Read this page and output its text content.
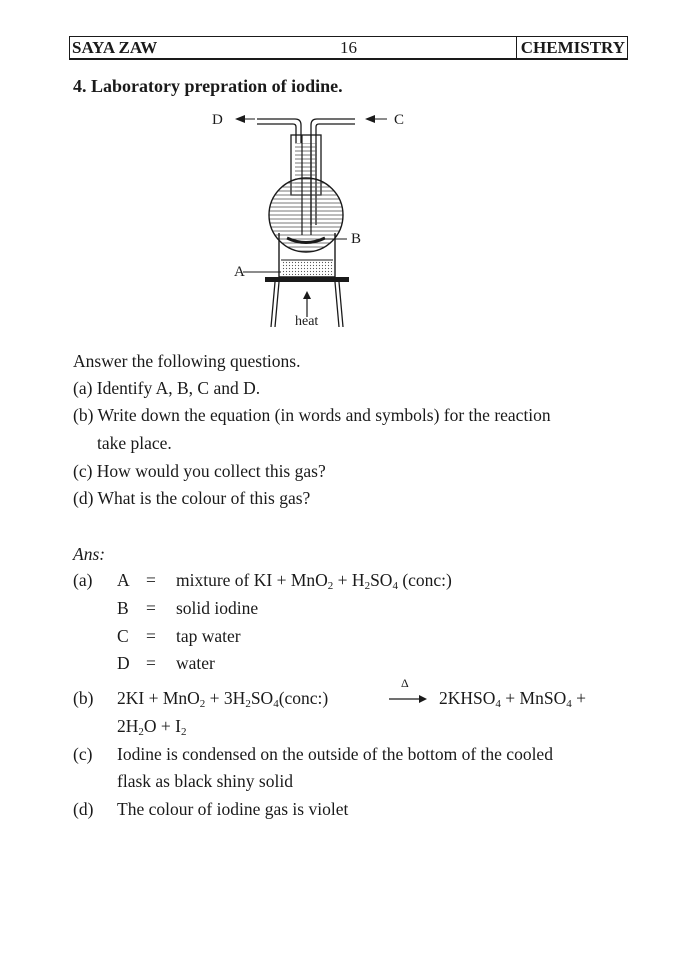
SAYA ZAW	16	CHEMISTRY
4. Laboratory prepration of iodine.
D	C
B
A
heat
Answer the following questions.
(a) Identify A, B, C and D.
(b) Write down the equation (in words and symbols) for the reaction
take place.
(c) How would you collect this gas?
(d) What is the colour of this gas?
Ans:
(a) A = mixture of KI + $MnO_2 + H_2SO_4$ (conc:)
B = solid iodine
C = tap water
D = water
(b) $2KI + MnO_2 + 3H_2SO_4(conc:)$
Δ
→ $2KHSO_4$ + MnSO$_4$ +
$2H_2O + I_2$
(c) Iodine is condensed on the outside of the bottom of the cooled
flask as black shiny solid
(d) The colour of iodine gas is violet
